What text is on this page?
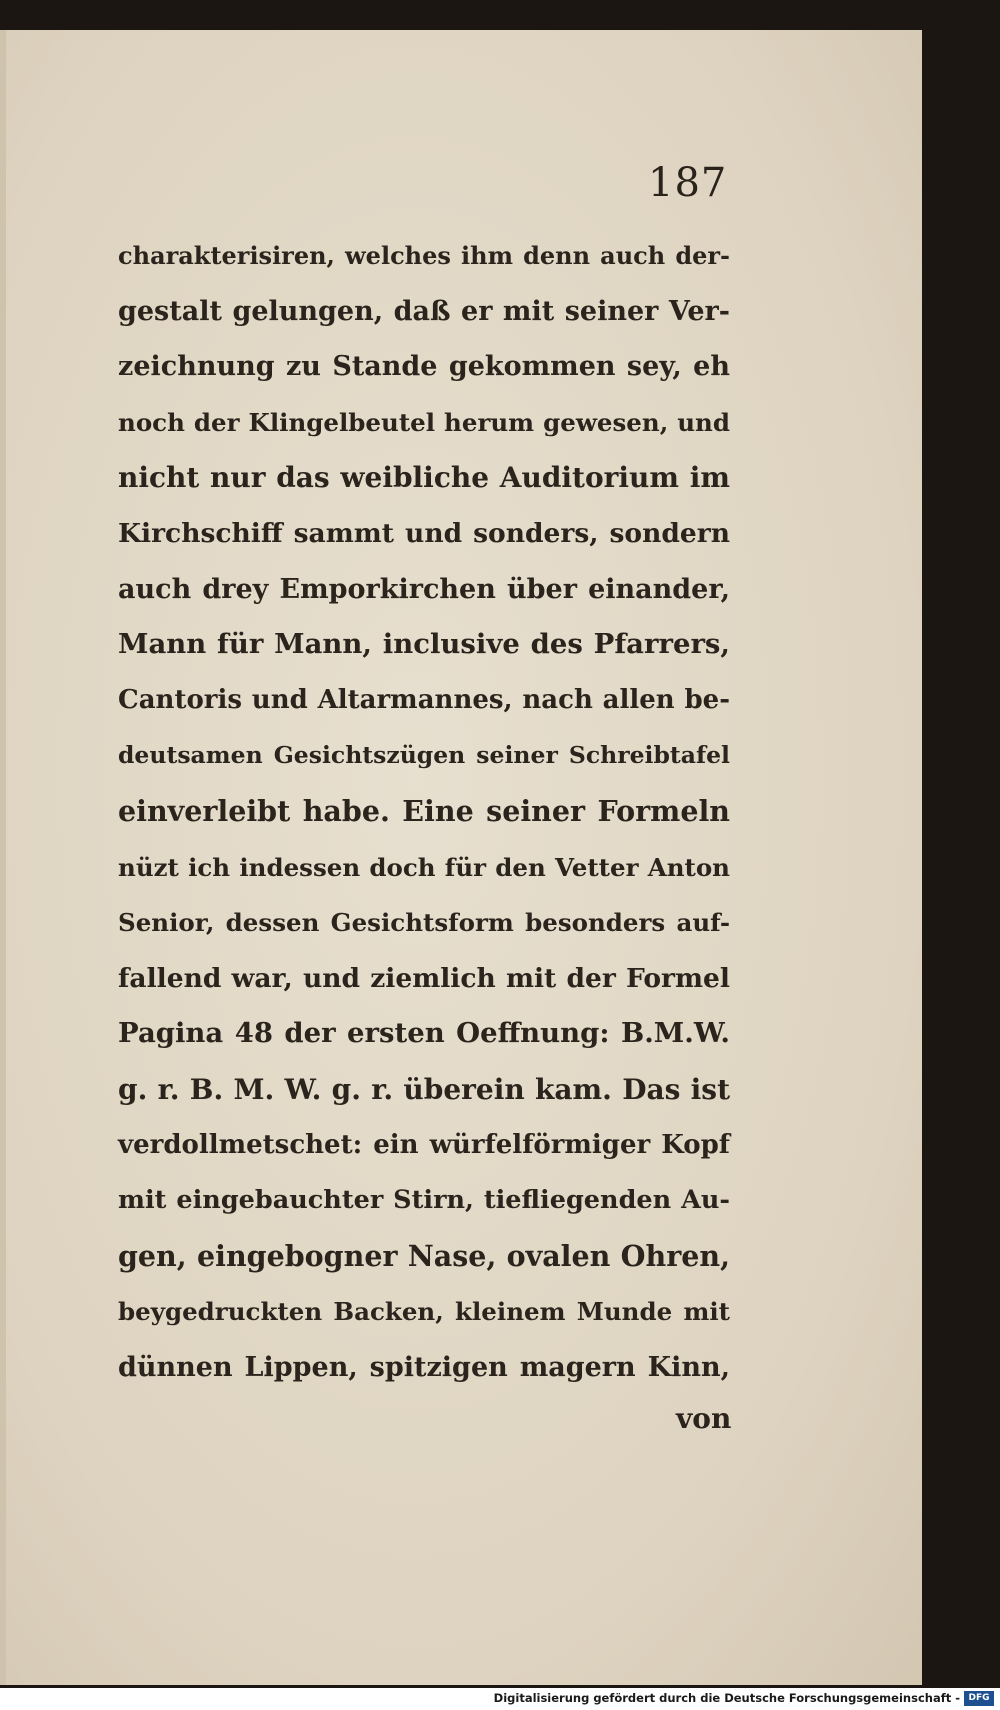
187
charakterisiren, welches ihm denn auch der-
gestalt gelungen, daß er mit seiner Ver-
zeichnung zu Stande gekommen sey, eh
noch der Klingelbeutel herum gewesen, und
nicht nur das weibliche Auditorium im
Kirchschiff sammt und sonders, sondern
auch drey Emporkirchen über einander,
Mann für Mann, inclusive des Pfarrers,
Cantoris und Altarmannes, nach allen be-
deutsamen Gesichtszügen seiner Schreibtafel
einverleibt habe. Eine seiner Formeln
nüzt ich indessen doch für den Vetter Anton
Senior, dessen Gesichtsform besonders auf-
fallend war, und ziemlich mit der Formel
Pagina 48 der ersten Oeffnung: B.M.W.
g. r. B. M. W. g. r. überein kam. Das ist
verdollmetschet: ein würfelförmiger Kopf
mit eingebauchter Stirn, tiefliegenden Au-
gen, eingebogner Nase, ovalen Ohren,
beygedruckten Backen, kleinem Munde mit
dünnen Lippen, spitzigen magern Kinn,
von
Digitalisierung gefördert durch die Deutsche Forschungsgemeinschaft - DFG
